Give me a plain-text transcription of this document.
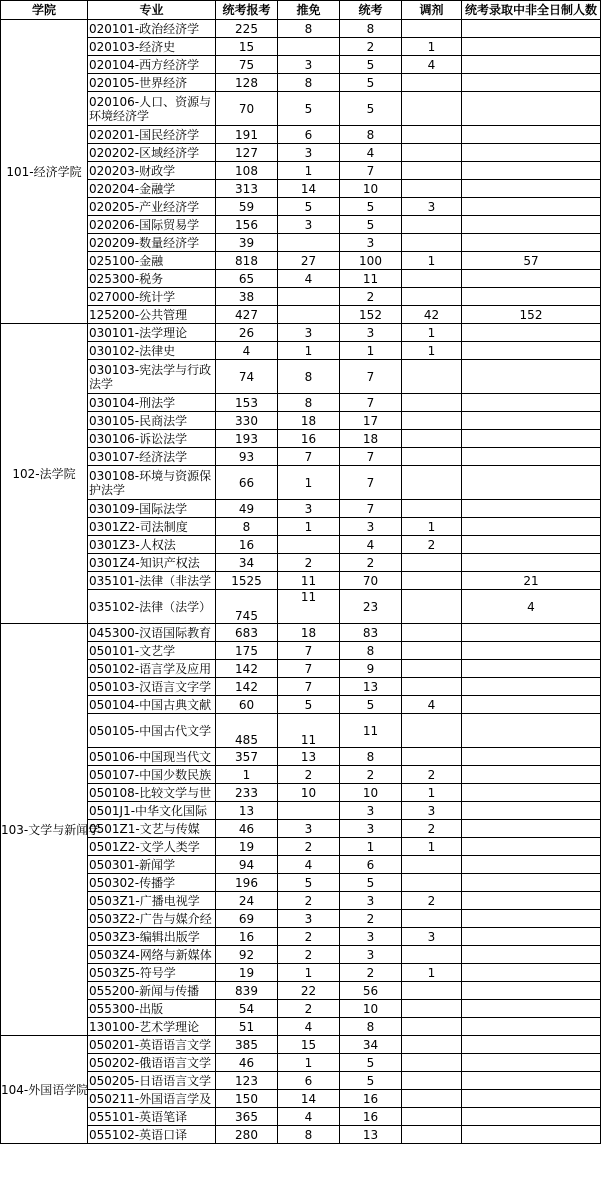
学院	专业	统考报考	推免	统考	调剂	统考录取中非全日制人数
101-经济学院	020101-政治经济学	225	8	8		
	020103-经济史	15		2	1	
	020104-西方经济学	75	3	5	4	
	020105-世界经济	128	8	5		
	020106-人口、资源与环境经济学	70	5	5		
	020201-国民经济学	191	6	8		
	020202-区域经济学	127	3	4		
	020203-财政学	108	1	7		
	020204-金融学	313	14	10		
	020205-产业经济学	59	5	5	3	
	020206-国际贸易学	156	3	5		
	020209-数量经济学	39		3		
	025100-金融	818	27	100	1	57
	025300-税务	65	4	11		
	027000-统计学	38		2		
	125200-公共管理	427		152	42	152
102-法学院	030101-法学理论	26	3	3	1	
	030102-法律史	4	1	1	1	
	030103-宪法学与行政法学	74	8	7		
	030104-刑法学	153	8	7		
	030105-民商法学	330	18	17		
	030106-诉讼法学	193	16	18		
	030107-经济法学	93	7	7		
	030108-环境与资源保护法学	66	1	7		
	030109-国际法学	49	3	7		
	0301Z2-司法制度	8	1	3	1	
	0301Z3-人权法	16		4	2	
	0301Z4-知识产权法	34	2	2		
	035101-法律（非法学	1525	11	70		21
	035102-法律（法学）	745	11	23		4
103-文学与新闻学	045300-汉语国际教育	683	18	83		
	050101-文艺学	175	7	8		
	050102-语言学及应用	142	7	9		
	050103-汉语言文字学	142	7	13		
	050104-中国古典文献	60	5	5	4	
	050105-中国古代文学	485	11	11		
	050106-中国现当代文	357	13	8		
	050107-中国少数民族	1	2	2	2	
	050108-比较文学与世	233	10	10	1	
	0501J1-中华文化国际	13		3	3	
	0501Z1-文艺与传媒	46	3	3	2	
	0501Z2-文学人类学	19	2	1	1	
	050301-新闻学	94	4	6		
	050302-传播学	196	5	5		
	0503Z1-广播电视学	24	2	3	2	
	0503Z2-广告与媒介经	69	3	2		
	0503Z3-编辑出版学	16	2	3	3	
	0503Z4-网络与新媒体	92	2	3		
	0503Z5-符号学	19	1	2	1	
	055200-新闻与传播	839	22	56		
	055300-出版	54	2	10		
	130100-艺术学理论	51	4	8		
104-外国语学院	050201-英语语言文学	385	15	34		
	050202-俄语语言文学	46	1	5		
	050205-日语语言文学	123	6	5		
	050211-外国语言学及	150	14	16		
	055101-英语笔译	365	4	16		
	055102-英语口译	280	8	13		
